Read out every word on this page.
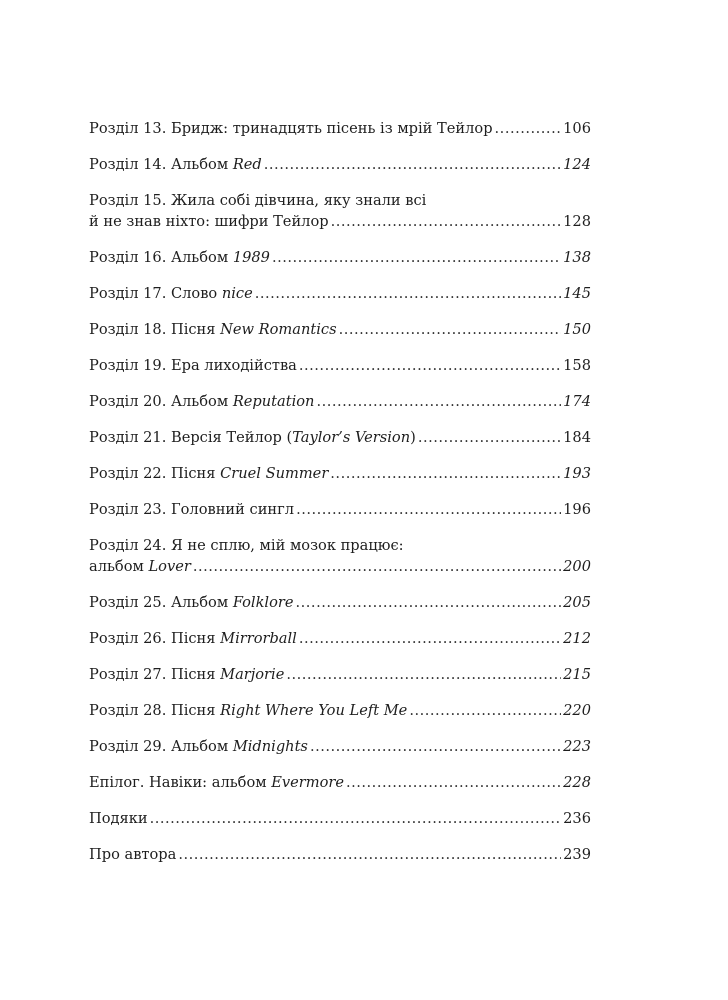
Розділ 13. Бридж: тринадцять пісень із мрій Тейлор .....	106
Розділ 14. Альбом Red .....	124
Розділ 15. Жила собі дівчина, яку знали всі
й не знав ніхто: шифри Тейлор .....	128
Розділ 16. Альбом 1989 .....	138
Розділ 17. Слово nice .....	145
Розділ 18. Пісня New Romantics .....	150
Розділ 19. Ера лиходійства .....	158
Розділ 20. Альбом Reputation .....	174
Розділ 21. Версія Тейлор (Taylor’s Version) .....	184
Розділ 22. Пісня Cruel Summer .....	193
Розділ 23. Головний сингл .....	196
Розділ 24. Я не сплю, мій мозок працює:
альбом Lover .....	200
Розділ 25. Альбом Folklore .....	205
Розділ 26. Пісня Mirrorball .....	212
Розділ 27. Пісня Marjorie .....	215
Розділ 28. Пісня Right Where You Left Me .....	220
Розділ 29. Альбом Midnights .....	223
Епілог. Навіки: альбом Evermore .....	228
Подяки .....	236
Про автора .....	239
